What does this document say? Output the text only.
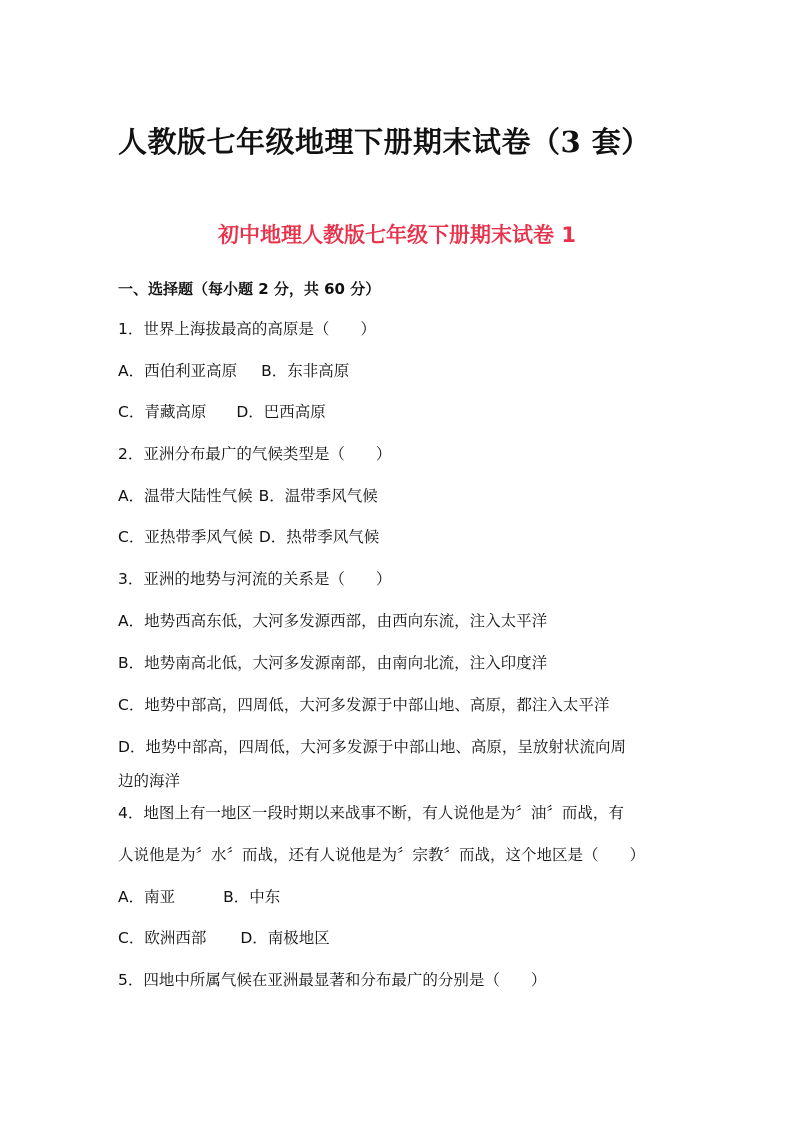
人教版七年级地理下册期末试卷（3 套）
初中地理人教版七年级下册期末试卷 1
一、选择题（每小题 2 分，共 60 分）
1．世界上海拔最高的高原是（　　）
A．西伯利亚高原 B．东非高原
C．青藏高原 D．巴西高原
2．亚洲分布最广的气候类型是（　　）
A．温带大陆性气候 B．温带季风气候
C．亚热带季风气候 D．热带季风气候
3．亚洲的地势与河流的关系是（　　）
A．地势西高东低，大河多发源西部，由西向东流，注入太平洋
B．地势南高北低，大河多发源南部，由南向北流，注入印度洋
C．地势中部高，四周低，大河多发源于中部山地、高原，都注入太平洋
D．地势中部高，四周低，大河多发源于中部山地、高原，呈放射状流向周
边的海洋
4．地图上有一地区一段时期以来战事不断，有人说他是为〞油〞而战，有
人说他是为〞水〞而战，还有人说他是为〞宗教〞而战，这个地区是（　　）
A．南亚	B．中东
C．欧洲西部 D．南极地区
5．四地中所属气候在亚洲最显著和分布最广的分别是（　　）
